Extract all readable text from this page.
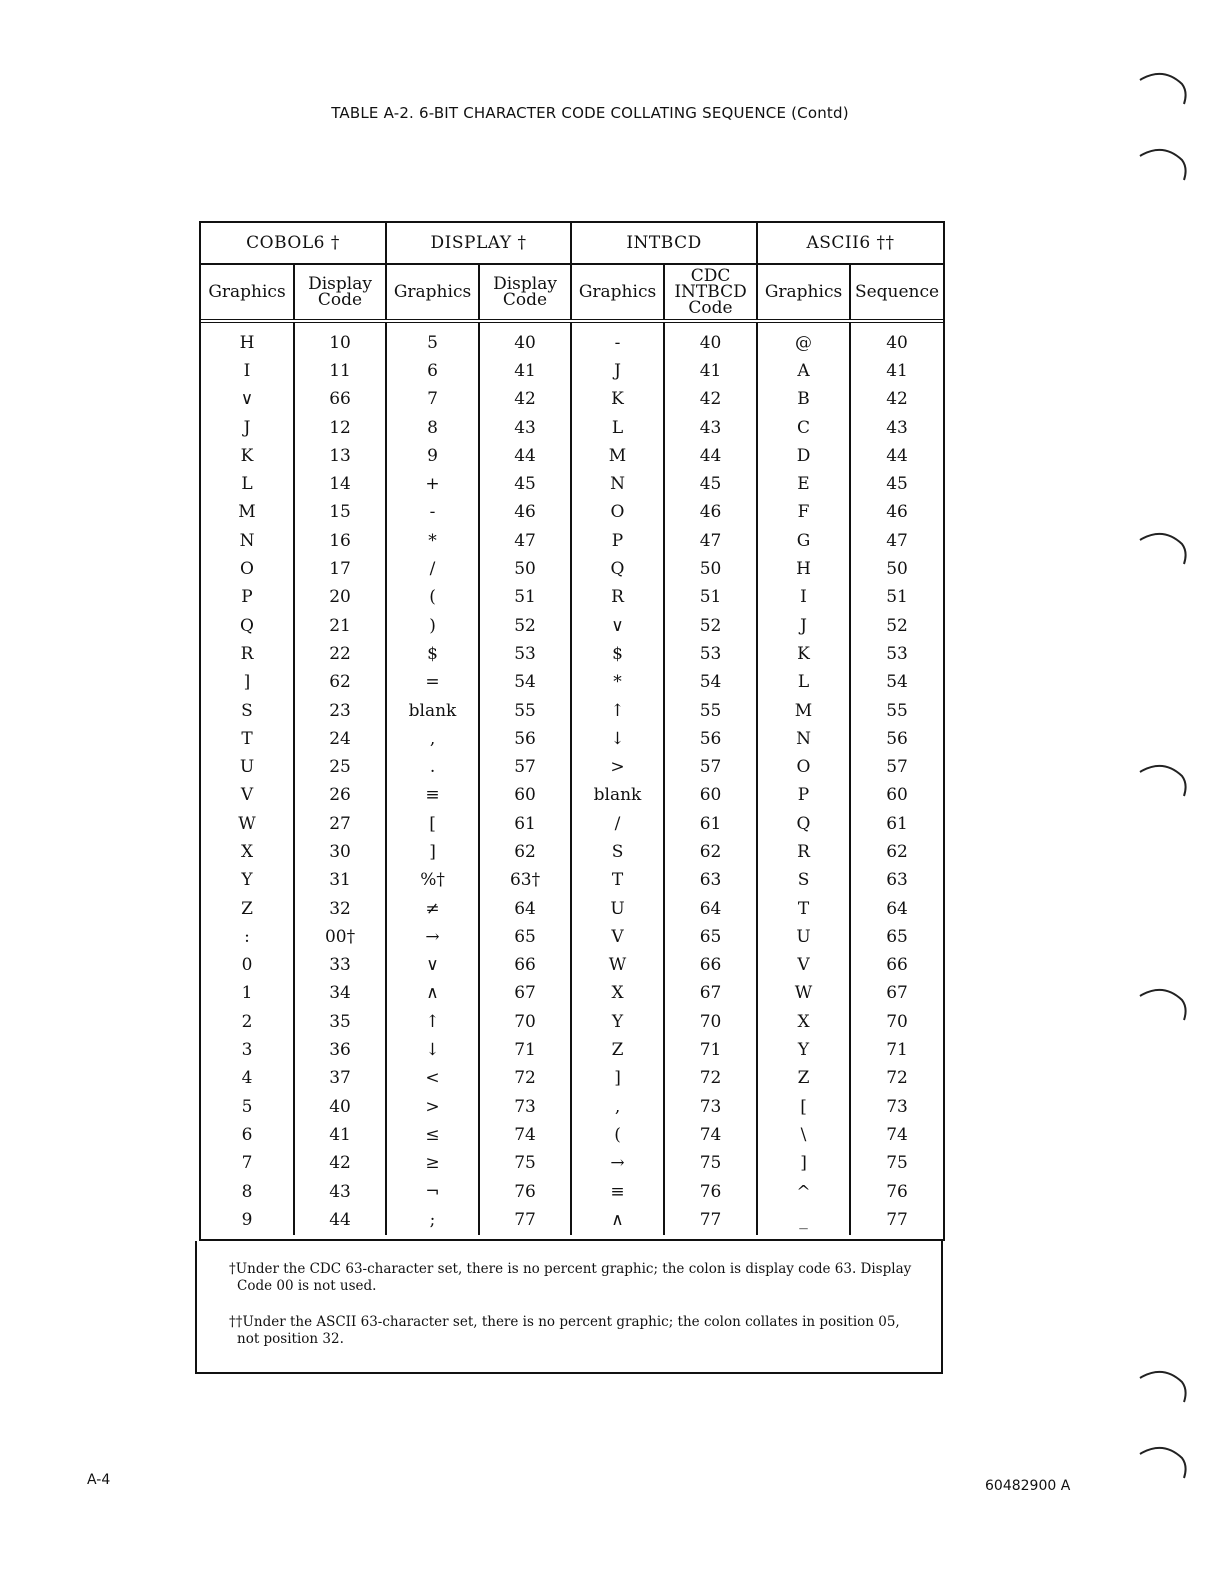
TABLE A-2. 6-BIT CHARACTER CODE COLLATING SEQUENCE (Contd)
COBOL6 †		DISPLAY †		INTBCD		ASCII6 ††	
Graphics	Display Code	Graphics	Display Code	Graphics	CDC INTBCD Code	Graphics	Sequence
H	10	5	40	-	40	@	40
I	11	6	41	J	41	A	41
∨	66	7	42	K	42	B	42
J	12	8	43	L	43	C	43
K	13	9	44	M	44	D	44
L	14	+	45	N	45	E	45
M	15	-	46	O	46	F	46
N	16	*	47	P	47	G	47
O	17	/	50	Q	50	H	50
P	20	(	51	R	51	I	51
Q	21	)	52	∨	52	J	52
R	22	$	53	$	53	K	53
]	62	=	54	*	54	L	54
S	23	blank	55	↑	55	M	55
T	24	,	56	↓	56	N	56
U	25	.	57	>	57	O	57
V	26	≡	60	blank	60	P	60
W	27	[	61	/	61	Q	61
X	30	]	62	S	62	R	62
Y	31	%†	63†	T	63	S	63
Z	32	≠	64	U	64	T	64
:	00†	→	65	V	65	U	65
0	33	∨	66	W	66	V	66
1	34	∧	67	X	67	W	67
2	35	↑	70	Y	70	X	70
3	36	↓	71	Z	71	Y	71
4	37	<	72	]	72	Z	72
5	40	>	73	,	73	[	73
6	41	≤	74	(	74	\	74
7	42	≥	75	→	75	]	75
8	43	¬	76	≡	76	^	76
9	44	;	77	∧	77	_	77

†Under the CDC 63-character set, there is no percent graphic; the colon is display code 63. Display Code 00 is not used.

††Under the ASCII 63-character set, there is no percent graphic; the colon collates in position 05, not position 32.

A-4	60482900 A
